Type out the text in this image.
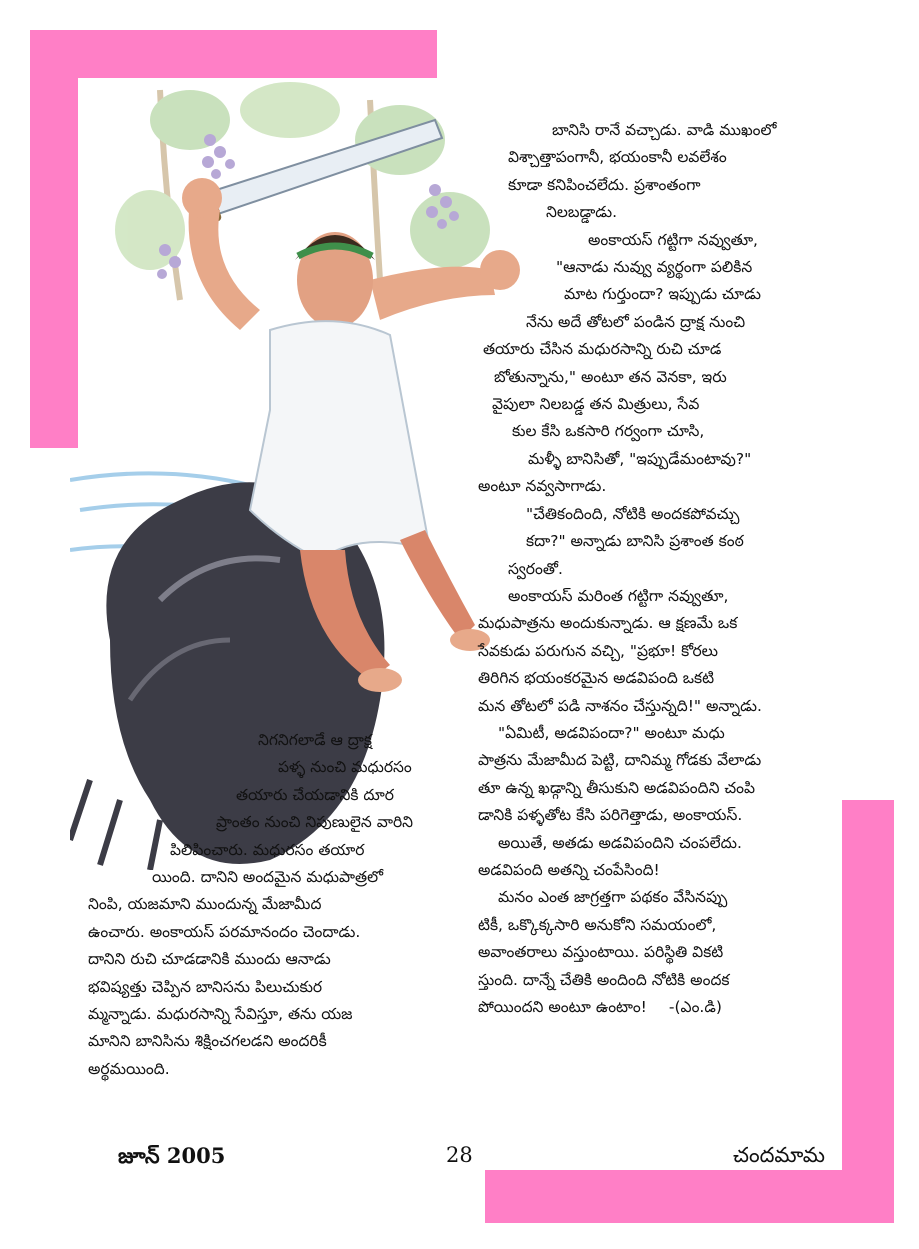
బానిసి రానే వచ్చాడు. వాడి ముఖంలో
విశ్చాత్తాపంగానీ, భయంకానీ లవలేశం
కూడా కనిపించలేదు. ప్రశాంతంగా
నిలబడ్డాడు.
అంకాయస్ గట్టిగా నవ్వుతూ,
"ఆనాడు నువ్వు వ్యర్థంగా పలికిన
మాట గుర్తుందా? ఇప్పుడు చూడు
నేను అదే తోటలో పండిన ద్రాక్ష నుంచి
తయారు చేసిన మధురసాన్ని రుచి చూడ
బోతున్నాను," అంటూ తన వెనకా, ఇరు
వైపులా నిలబడ్డ తన మిత్రులు, సేవ
కుల కేసి ఒకసారి గర్వంగా చూసి,
మళ్ళీ బానిసితో, "ఇప్పుడేమంటావు?"
అంటూ నవ్వసాగాడు.
"చేతికందింది, నోటికి అందకపోవచ్చు
కదా?" అన్నాడు బానిసి ప్రశాంత కంఠ
స్వరంతో.
అంకాయస్ మరింత గట్టిగా నవ్వుతూ,
మధుపాత్రను అందుకున్నాడు. ఆ క్షణమే ఒక
సేవకుడు పరుగున వచ్చి, "ప్రభూ! కోరలు
తిరిగిన భయంకరమైన అడవిపంది ఒకటి
మన తోటలో పడి నాశనం చేస్తున్నది!" అన్నాడు.
"ఏమిటీ, అడవిపందా?" అంటూ మధు
పాత్రను మేజామీద పెట్టి, దానిమ్మ గోడకు వేలాడు
తూ ఉన్న ఖడ్గాన్ని తీసుకుని అడవిపందిని చంపి
డానికి పళ్ళతోట కేసి పరిగెత్తాడు, అంకాయస్.
అయితే, అతడు అడవిపందిని చంపలేదు.
అడవిపంది అతన్ని చంపేసింది!
మనం ఎంత జాగ్రత్తగా పథకం వేసినప్పు
టికీ, ఒక్కొక్కసారి అనుకోని సమయంలో,
అవాంతరాలు వస్తుంటాయి. పరిస్థితి వికటి
స్తుంది. దాన్నే చేతికి అందింది నోటికి అందక
పోయిందని అంటూ ఉంటాం! -(ఎం.డి)
నిగనిగలాడే ఆ ద్రాక్ష
పళ్ళ నుంచి మధురసం
తయారు చేయడానికి దూర
ప్రాంతం నుంచి నిపుణులైన వారిని
పిలిపించారు. మధురసం తయార
యింది. దానిని అందమైన మధుపాత్రలో
నింపి, యజమాని ముందున్న మేజామీద
ఉంచారు. అంకాయస్ పరమానందం చెందాడు.
దానిని రుచి చూడడానికి ముందు ఆనాడు
భవిష్యత్తు చెప్పిన బానిసను పిలుచుకుర
మ్మన్నాడు. మధురసాన్ని సేవిస్తూ, తను యజ
మానిని బానిసిను శిక్షించగలడని అందరికీ
అర్థమయింది.
జూన్ 2005	28	చందమామ
